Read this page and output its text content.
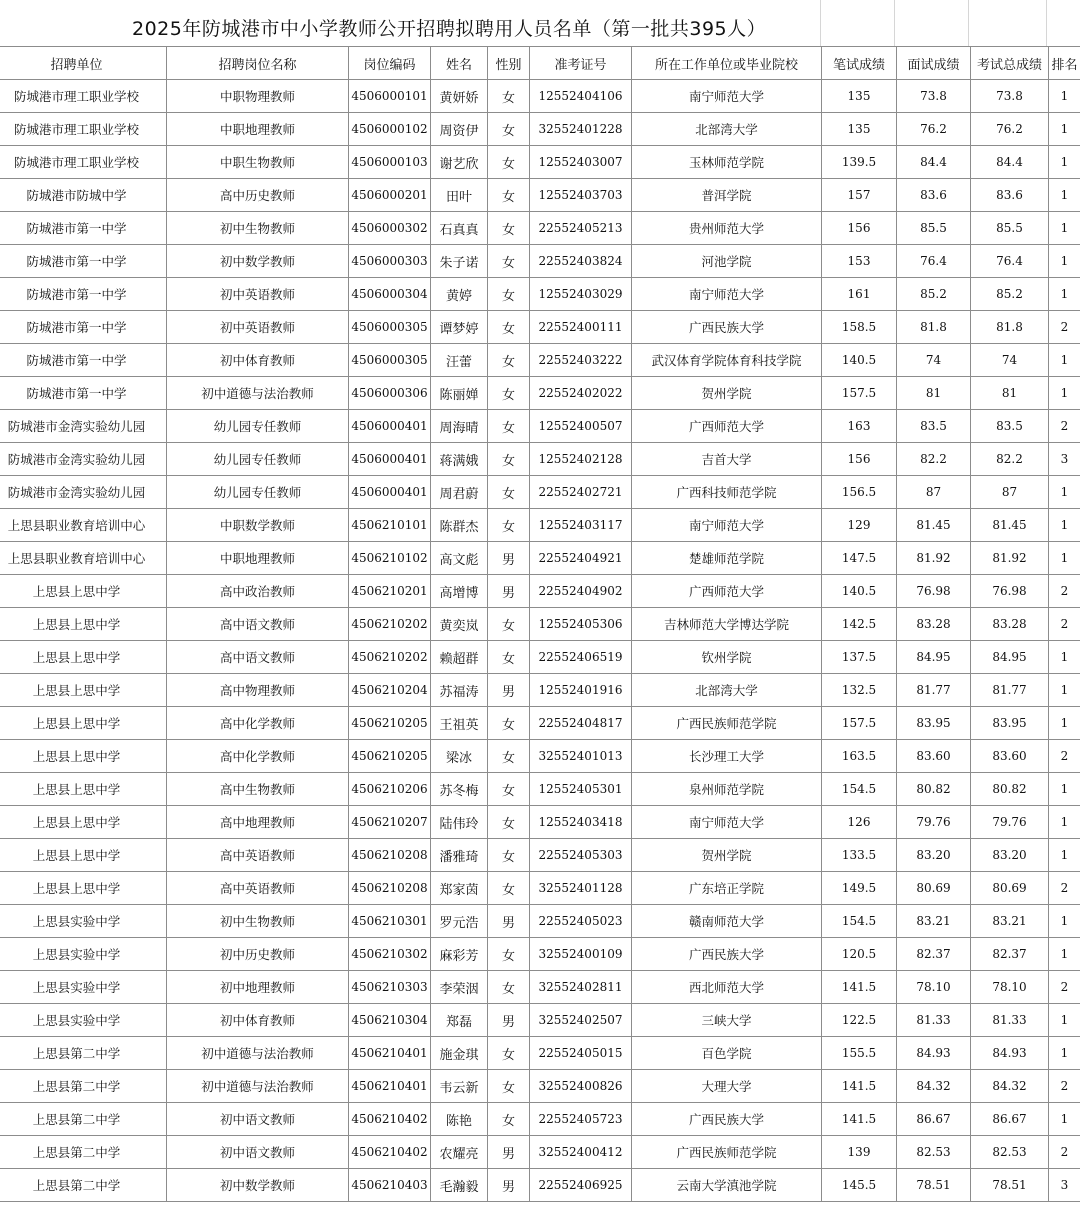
2025年防城港市中小学教师公开招聘拟聘用人员名单（第一批共395人）
招聘单位	招聘岗位名称	岗位编码	姓名	性别	准考证号	所在工作单位或毕业院校	笔试成绩	面试成绩	考试总成绩	排名
防城港市理工职业学校	中职物理教师	4506000101	黄妍娇	女	12552404106	南宁师范大学	135	73.8	73.8	1
防城港市理工职业学校	中职地理教师	4506000102	周资伊	女	32552401228	北部湾大学	135	76.2	76.2	1
防城港市理工职业学校	中职生物教师	4506000103	谢艺欣	女	12552403007	玉林师范学院	139.5	84.4	84.4	1
防城港市防城中学	高中历史教师	4506000201	田叶	女	12552403703	普洱学院	157	83.6	83.6	1
防城港市第一中学	初中生物教师	4506000302	石真真	女	22552405213	贵州师范大学	156	85.5	85.5	1
防城港市第一中学	初中数学教师	4506000303	朱子诺	女	22552403824	河池学院	153	76.4	76.4	1
防城港市第一中学	初中英语教师	4506000304	黄婷	女	12552403029	南宁师范大学	161	85.2	85.2	1
防城港市第一中学	初中英语教师	4506000305	谭梦婷	女	22552400111	广西民族大学	158.5	81.8	81.8	2
防城港市第一中学	初中体育教师	4506000305	汪蕾	女	22552403222	武汉体育学院体育科技学院	140.5	74	74	1
防城港市第一中学	初中道德与法治教师	4506000306	陈丽婵	女	22552402022	贺州学院	157.5	81	81	1
防城港市金湾实验幼儿园	幼儿园专任教师	4506000401	周海晴	女	12552400507	广西师范大学	163	83.5	83.5	2
防城港市金湾实验幼儿园	幼儿园专任教师	4506000401	蒋满娥	女	12552402128	吉首大学	156	82.2	82.2	3
防城港市金湾实验幼儿园	幼儿园专任教师	4506000401	周君蔚	女	22552402721	广西科技师范学院	156.5	87	87	1
上思县职业教育培训中心	中职数学教师	4506210101	陈群杰	女	12552403117	南宁师范大学	129	81.45	81.45	1
上思县职业教育培训中心	中职地理教师	4506210102	高文彪	男	22552404921	楚雄师范学院	147.5	81.92	81.92	1
上思县上思中学	高中政治教师	4506210201	高增博	男	22552404902	广西师范大学	140.5	76.98	76.98	2
上思县上思中学	高中语文教师	4506210202	黄奕岚	女	12552405306	吉林师范大学博达学院	142.5	83.28	83.28	2
上思县上思中学	高中语文教师	4506210202	赖超群	女	22552406519	钦州学院	137.5	84.95	84.95	1
上思县上思中学	高中物理教师	4506210204	苏福涛	男	12552401916	北部湾大学	132.5	81.77	81.77	1
上思县上思中学	高中化学教师	4506210205	王祖英	女	22552404817	广西民族师范学院	157.5	83.95	83.95	1
上思县上思中学	高中化学教师	4506210205	梁冰	女	32552401013	长沙理工大学	163.5	83.60	83.60	2
上思县上思中学	高中生物教师	4506210206	苏冬梅	女	12552405301	泉州师范学院	154.5	80.82	80.82	1
上思县上思中学	高中地理教师	4506210207	陆伟玲	女	12552403418	南宁师范大学	126	79.76	79.76	1
上思县上思中学	高中英语教师	4506210208	潘雅琦	女	22552405303	贺州学院	133.5	83.20	83.20	1
上思县上思中学	高中英语教师	4506210208	郑家茵	女	32552401128	广东培正学院	149.5	80.69	80.69	2
上思县实验中学	初中生物教师	4506210301	罗元浩	男	22552405023	赣南师范大学	154.5	83.21	83.21	1
上思县实验中学	初中历史教师	4506210302	麻彩芳	女	32552400109	广西民族大学	120.5	82.37	82.37	1
上思县实验中学	初中地理教师	4506210303	李荣洇	女	32552402811	西北师范大学	141.5	78.10	78.10	2
上思县实验中学	初中体育教师	4506210304	郑磊	男	32552402507	三峡大学	122.5	81.33	81.33	1
上思县第二中学	初中道德与法治教师	4506210401	施金琪	女	22552405015	百色学院	155.5	84.93	84.93	1
上思县第二中学	初中道德与法治教师	4506210401	韦云新	女	32552400826	大理大学	141.5	84.32	84.32	2
上思县第二中学	初中语文教师	4506210402	陈艳	女	22552405723	广西民族大学	141.5	86.67	86.67	1
上思县第二中学	初中语文教师	4506210402	农耀亮	男	32552400412	广西民族师范学院	139	82.53	82.53	2
上思县第二中学	初中数学教师	4506210403	毛瀚毅	男	22552406925	云南大学滇池学院	145.5	78.51	78.51	3
